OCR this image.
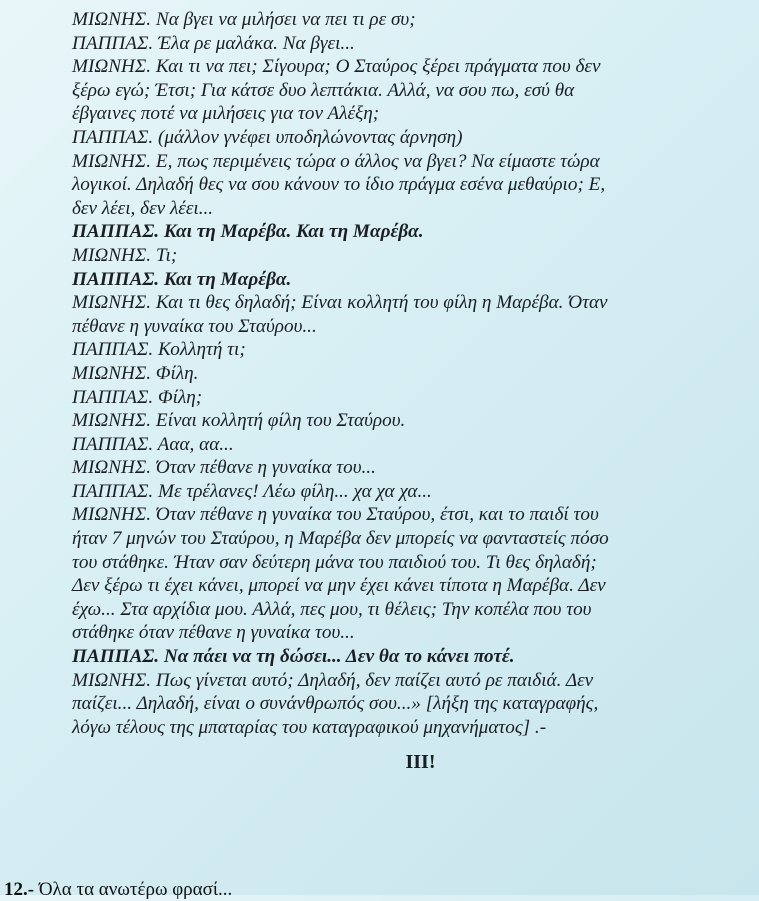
ΜΙΩΝΗΣ. Να βγει να μιλήσει να πει τι ρε συ;
ΠΑΠΠΑΣ. Έλα ρε μαλάκα. Να βγει...
ΜΙΩΝΗΣ. Και τι να πει; Σίγουρα; Ο Σταύρος ξέρει πράγματα που δεν
ξέρω εγώ; Έτσι; Για κάτσε δυο λεπτάκια. Αλλά, να σου πω, εσύ θα
έβγαινες ποτέ να μιλήσεις για τον Αλέξη;
ΠΑΠΠΑΣ. (μάλλον γνέφει υποδηλώνοντας άρνηση)
ΜΙΩΝΗΣ. Ε, πως περιμένεις τώρα ο άλλος να βγει? Να είμαστε τώρα
λογικοί. Δηλαδή θες να σου κάνουν το ίδιο πράγμα εσένα μεθαύριο; Ε,
δεν λέει, δεν λέει...
ΠΑΠΠΑΣ. Και τη Μαρέβα. Και τη Μαρέβα.
ΜΙΩΝΗΣ. Τι;
ΠΑΠΠΑΣ. Και τη Μαρέβα.
ΜΙΩΝΗΣ. Και τι θες δηλαδή; Είναι κολλητή του φίλη η Μαρέβα. Όταν
πέθανε η γυναίκα του Σταύρου...
ΠΑΠΠΑΣ. Κολλητή τι;
ΜΙΩΝΗΣ. Φίλη.
ΠΑΠΠΑΣ. Φίλη;
ΜΙΩΝΗΣ. Είναι κολλητή φίλη του Σταύρου.
ΠΑΠΠΑΣ. Ααα, αα...
ΜΙΩΝΗΣ. Όταν πέθανε η γυναίκα του...
ΠΑΠΠΑΣ. Με τρέλανες! Λέω φίλη... χα χα χα...
ΜΙΩΝΗΣ. Όταν πέθανε η γυναίκα του Σταύρου, έτσι, και το παιδί του
ήταν 7 μηνών του Σταύρου, η Μαρέβα δεν μπορείς να φανταστείς πόσο
του στάθηκε. Ήταν σαν δεύτερη μάνα του παιδιού του. Τι θες δηλαδή;
Δεν ξέρω τι έχει κάνει, μπορεί να μην έχει κάνει τίποτα η Μαρέβα. Δεν
έχω... Στα αρχίδια μου. Αλλά, πες μου, τι θέλεις; Την κοπέλα που του
στάθηκε όταν πέθανε η γυναίκα του...
ΠΑΠΠΑΣ. Να πάει να τη δώσει... Δεν θα το κάνει ποτέ.
ΜΙΩΝΗΣ. Πως γίνεται αυτό; Δηλαδή, δεν παίζει αυτό ρε παιδιά. Δεν
παίζει... Δηλαδή, είναι ο συνάνθρωπός σου...» [λήξη της καταγραφής,
λόγω τέλους της μπαταρίας του καταγραφικού μηχανήματος] .-
III!
12.- Όλα τα ανωτέρω φρασί...
